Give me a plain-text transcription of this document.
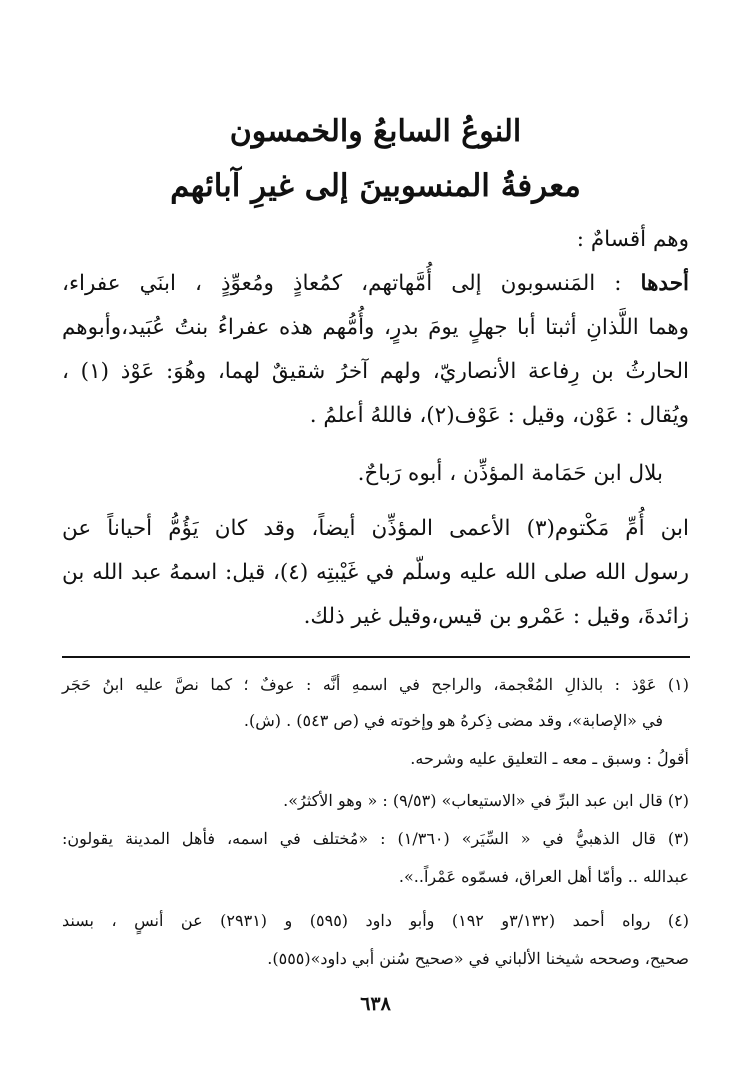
النوعُ السابعُ والخمسون
معرفةُ المنسوبينَ إلى غيرِ آبائهم

وهم أقسامٌ :

أحدها : المَنسوبون إلى أُمَّهاتهم، كمُعاذٍ ومُعوِّذٍ ، ابنَي عفراء،

وهما اللَّذانِ أثبتا أبا جهلٍ يومَ بدرٍ، وأُمُّهم هذه عفراءُ بنتُ عُبَيد،وأبوهم

الحارثُ بن رِفاعة الأنصاريّ، ولهم آخرُ شقيقٌ لهما، وهُوَ: عَوْذ (١) ،

ويُقال : عَوْن، وقيل : عَوْف(٢)، فاللهُ أعلمُ .

بلال ابن حَمَامة المؤذِّن ، أبوه رَباحٌ.

ابن أُمِّ مَكْتوم(٣) الأعمى المؤذِّن أيضاً، وقد كان يَؤُمُّ أحياناً عن

رسول الله صلى الله عليه وسلّم في غَيْبتِه (٤)، قيل: اسمهُ عبد الله بن

زائدةَ، وقيل : عَمْرو بن قيس،وقيل غير ذلك.

(١) عَوْذ : بالذالِ المُعْجمة، والراجح في اسمهِ أنَّه : عوفٌ ؛ كما نصَّ عليه ابنُ حَجَر

في «الإصابة»، وقد مضى ذِكرهُ هو وإخوته في (ص ٥٤٣) . (ش).

أقولُ : وسبق ـ معه ـ التعليق عليه وشرحه.

(٢) قال ابن عبد البرِّ في «الاستيعاب» (٩/٥٣) : « وهو الأكثرُ».

(٣) قال الذهبيُّ في « السِّيَر» (١/٣٦٠) : «مُختلف في اسمه، فأهل المدينة يقولون:

عبدالله .. وأمّا أهل العراق، فسمّوه عَمْراً..».

(٤) رواه أحمد (٣/١٣٢و ١٩٢) وأبو داود (٥٩٥) و (٢٩٣١) عن أنسٍ ، بسند

صحيح، وصححه شيخنا الألباني في «صحيح سُنن أبي داود»(٥٥٥).

٦٣٨
